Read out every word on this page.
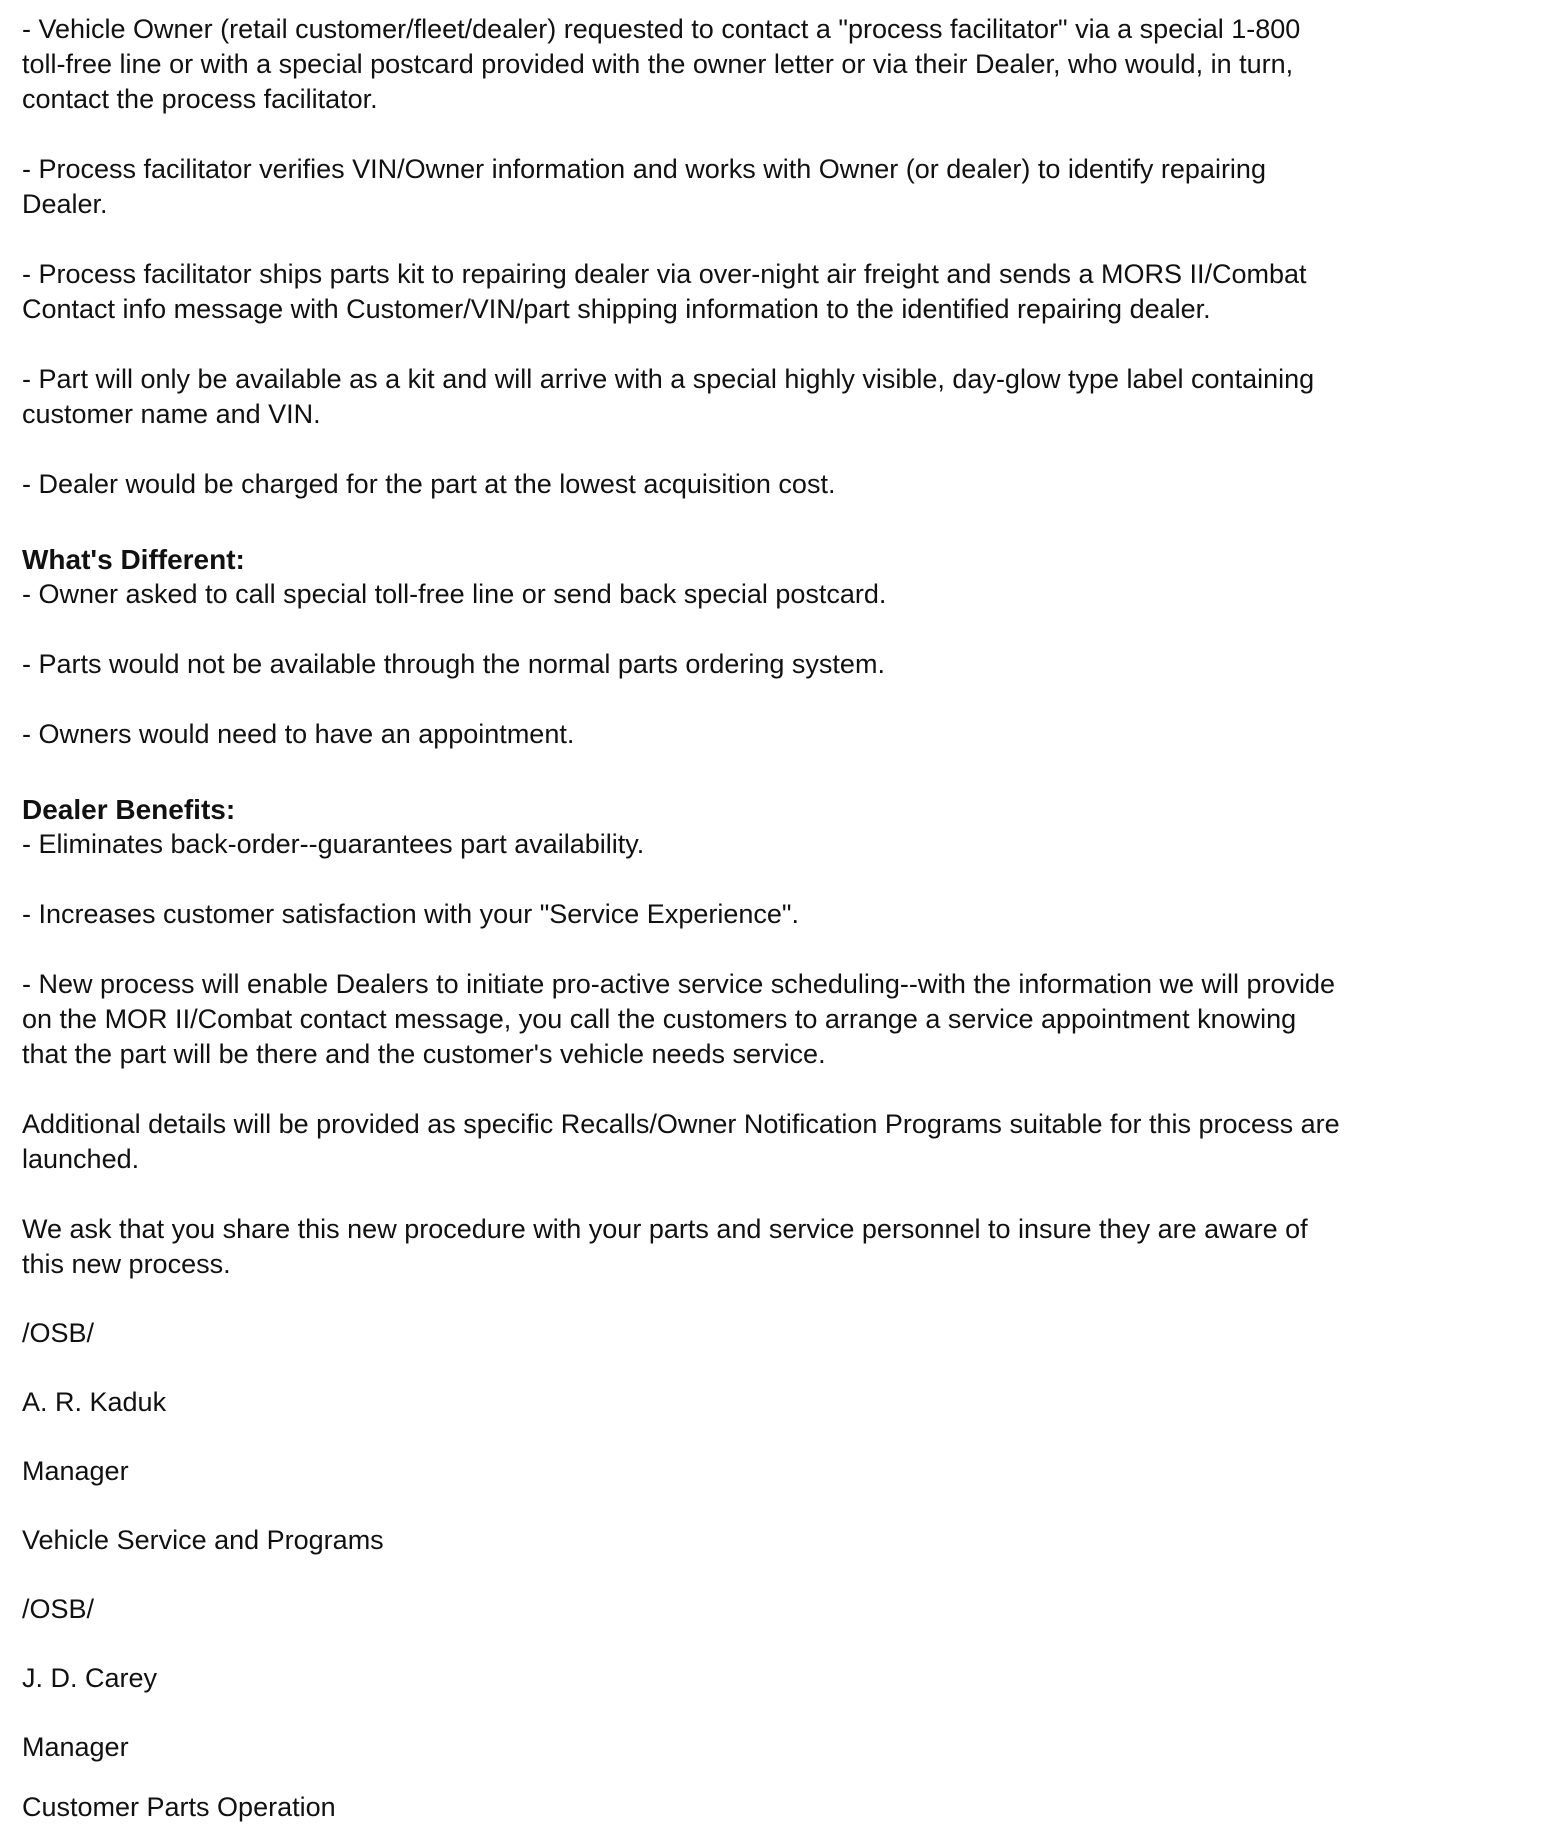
- Vehicle Owner (retail customer/fleet/dealer) requested to contact a "process facilitator" via a special 1-800
toll-free line or with a special postcard provided with the owner letter or via their Dealer, who would, in turn,
contact the process facilitator.
- Process facilitator verifies VIN/Owner information and works with Owner (or dealer) to identify repairing
Dealer.
- Process facilitator ships parts kit to repairing dealer via over-night air freight and sends a MORS II/Combat
Contact info message with Customer/VIN/part shipping information to the identified repairing dealer.
- Part will only be available as a kit and will arrive with a special highly visible, day-glow type label containing
customer name and VIN.
- Dealer would be charged for the part at the lowest acquisition cost.
What's Different:
- Owner asked to call special toll-free line or send back special postcard.
- Parts would not be available through the normal parts ordering system.
- Owners would need to have an appointment.
Dealer Benefits:
- Eliminates back-order--guarantees part availability.
- Increases customer satisfaction with your "Service Experience".
- New process will enable Dealers to initiate pro-active service scheduling--with the information we will provide
on the MOR II/Combat contact message, you call the customers to arrange a service appointment knowing
that the part will be there and the customer's vehicle needs service.
Additional details will be provided as specific Recalls/Owner Notification Programs suitable for this process are
launched.
We ask that you share this new procedure with your parts and service personnel to insure they are aware of
this new process.
/OSB/
A. R. Kaduk
Manager
Vehicle Service and Programs
/OSB/
J. D. Carey
Manager
Customer Parts Operation
